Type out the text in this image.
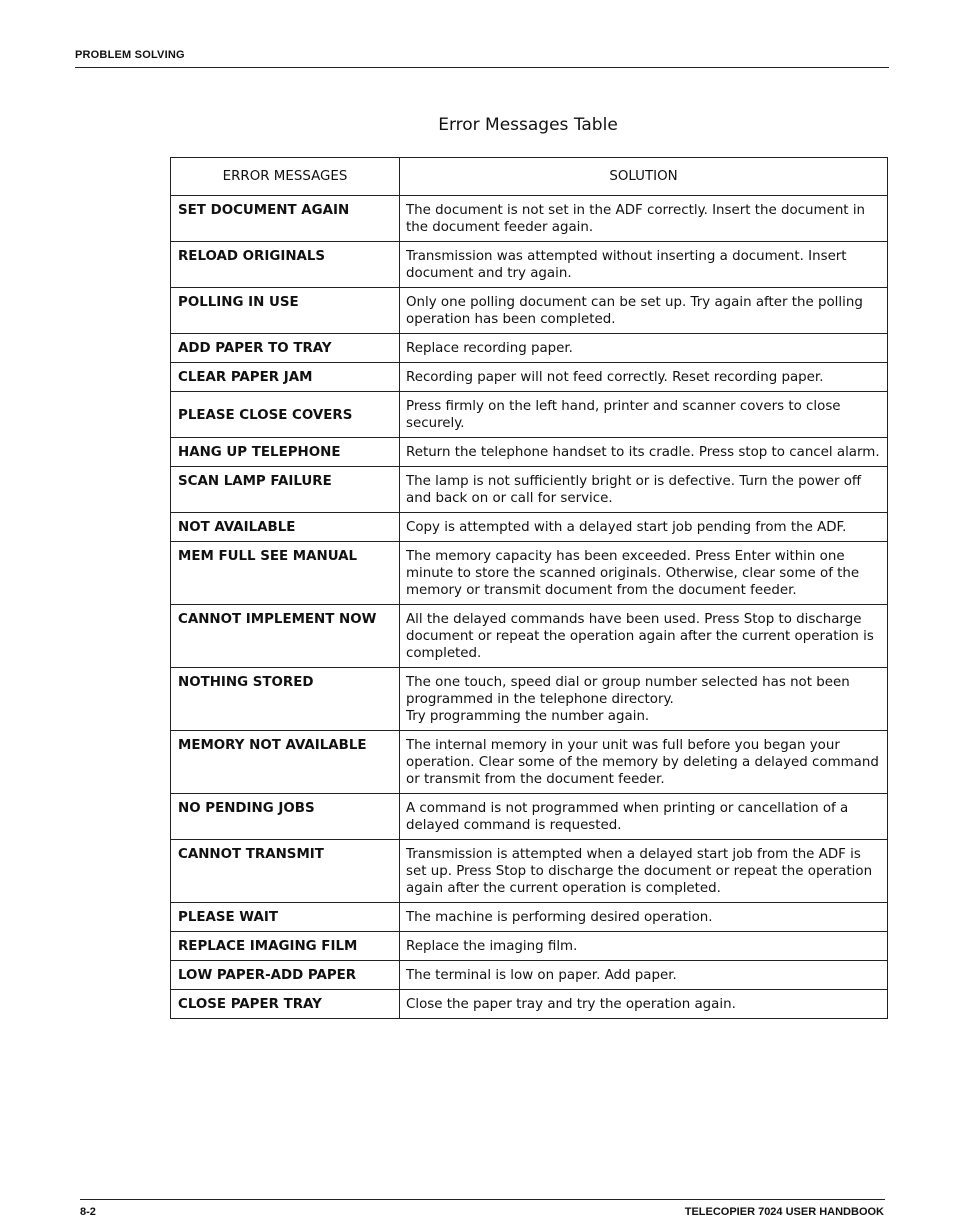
PROBLEM SOLVING
Error Messages Table
ERROR MESSAGES	SOLUTION
SET DOCUMENT AGAIN	The document is not set in the ADF correctly. Insert the document in the document feeder again.
RELOAD ORIGINALS	Transmission was attempted without inserting a document. Insert document and try again.
POLLING IN USE	Only one polling document can be set up. Try again after the polling operation has been completed.
ADD PAPER TO TRAY	Replace recording paper.
CLEAR PAPER JAM	Recording paper will not feed correctly. Reset recording paper.
PLEASE CLOSE COVERS	Press firmly on the left hand, printer and scanner covers to close securely.
HANG UP TELEPHONE	Return the telephone handset to its cradle. Press stop to cancel alarm.
SCAN LAMP FAILURE	The lamp is not sufficiently bright or is defective. Turn the power off and back on or call for service.
NOT AVAILABLE	Copy is attempted with a delayed start job pending from the ADF.
MEM FULL SEE MANUAL	The memory capacity has been exceeded. Press Enter within one minute to store the scanned originals. Otherwise, clear some of the memory or transmit document from the document feeder.
CANNOT IMPLEMENT NOW	All the delayed commands have been used. Press Stop to discharge document or repeat the operation again after the current operation is completed.
NOTHING STORED	The one touch, speed dial or group number selected has not been programmed in the telephone directory.
Try programming the number again.
MEMORY NOT AVAILABLE	The internal memory in your unit was full before you began your operation. Clear some of the memory by deleting a delayed command or transmit from the document feeder.
NO PENDING JOBS	A command is not programmed when printing or cancellation of a delayed command is requested.
CANNOT TRANSMIT	Transmission is attempted when a delayed start job from the ADF is set up. Press Stop to discharge the document or repeat the operation again after the current operation is completed.
PLEASE WAIT	The machine is performing desired operation.
REPLACE IMAGING FILM	Replace the imaging film.
LOW PAPER-ADD PAPER	The terminal is low on paper. Add paper.
CLOSE PAPER TRAY	Close the paper tray and try the operation again.
8-2	TELECOPIER 7024 USER HANDBOOK
